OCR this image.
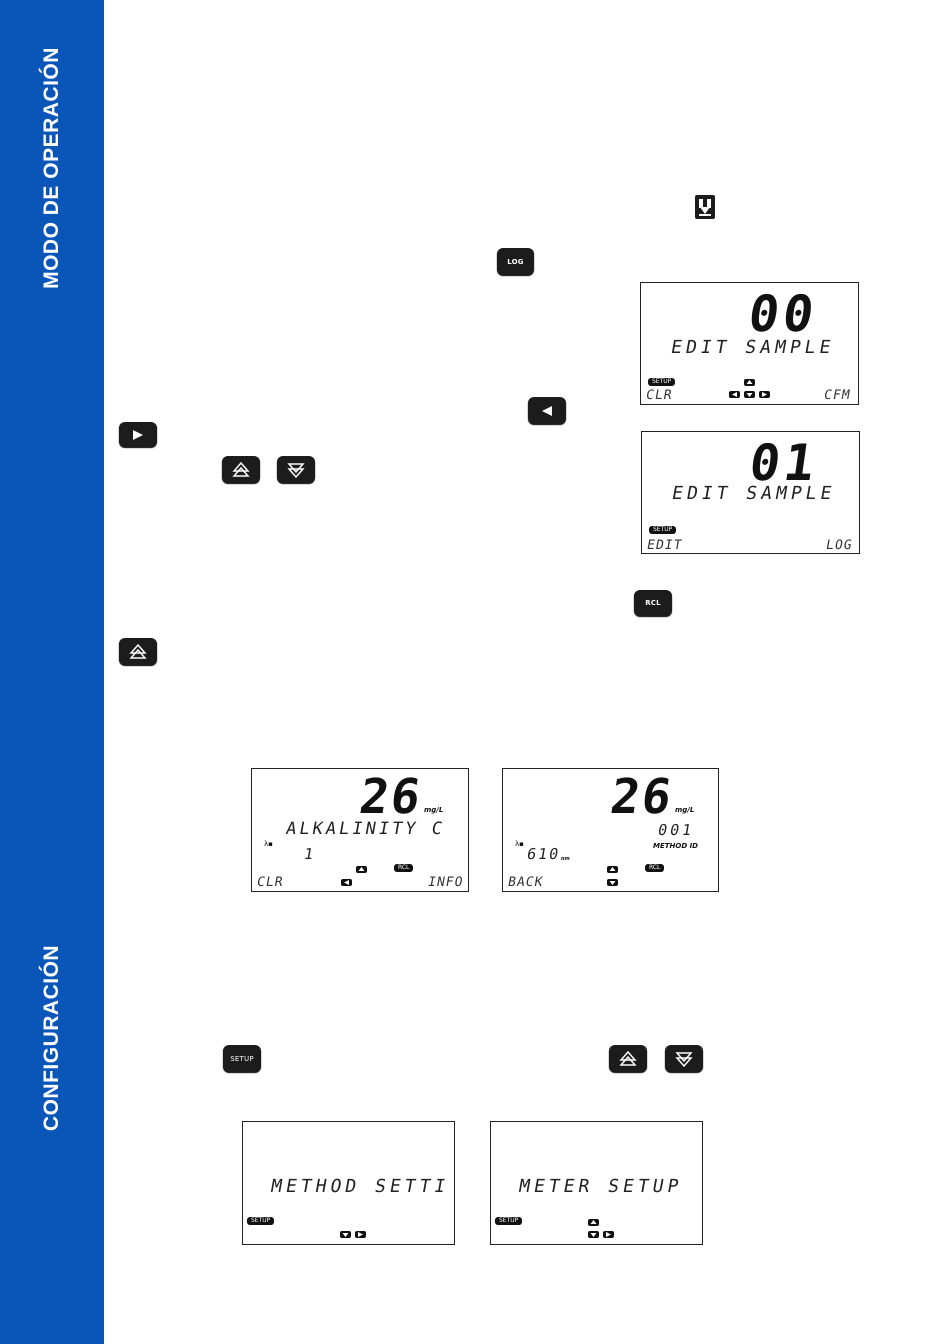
MODO DE OPERACIÓN
CONFIGURACIÓN
LOG
RCL
SETUP
00
EDIT SAMPLE
SETUP
CLR	CFM
01
EDIT SAMPLE
SETUP
EDIT	LOG
26
mg/L
ALKALINITY C
λ▪
1
RCL
CLR	INFO
26
mg/L
001
METHOD ID
λ▪
610 nm
RCL
BACK
METHOD SETTI
SETUP
METER SETUP
SETUP
